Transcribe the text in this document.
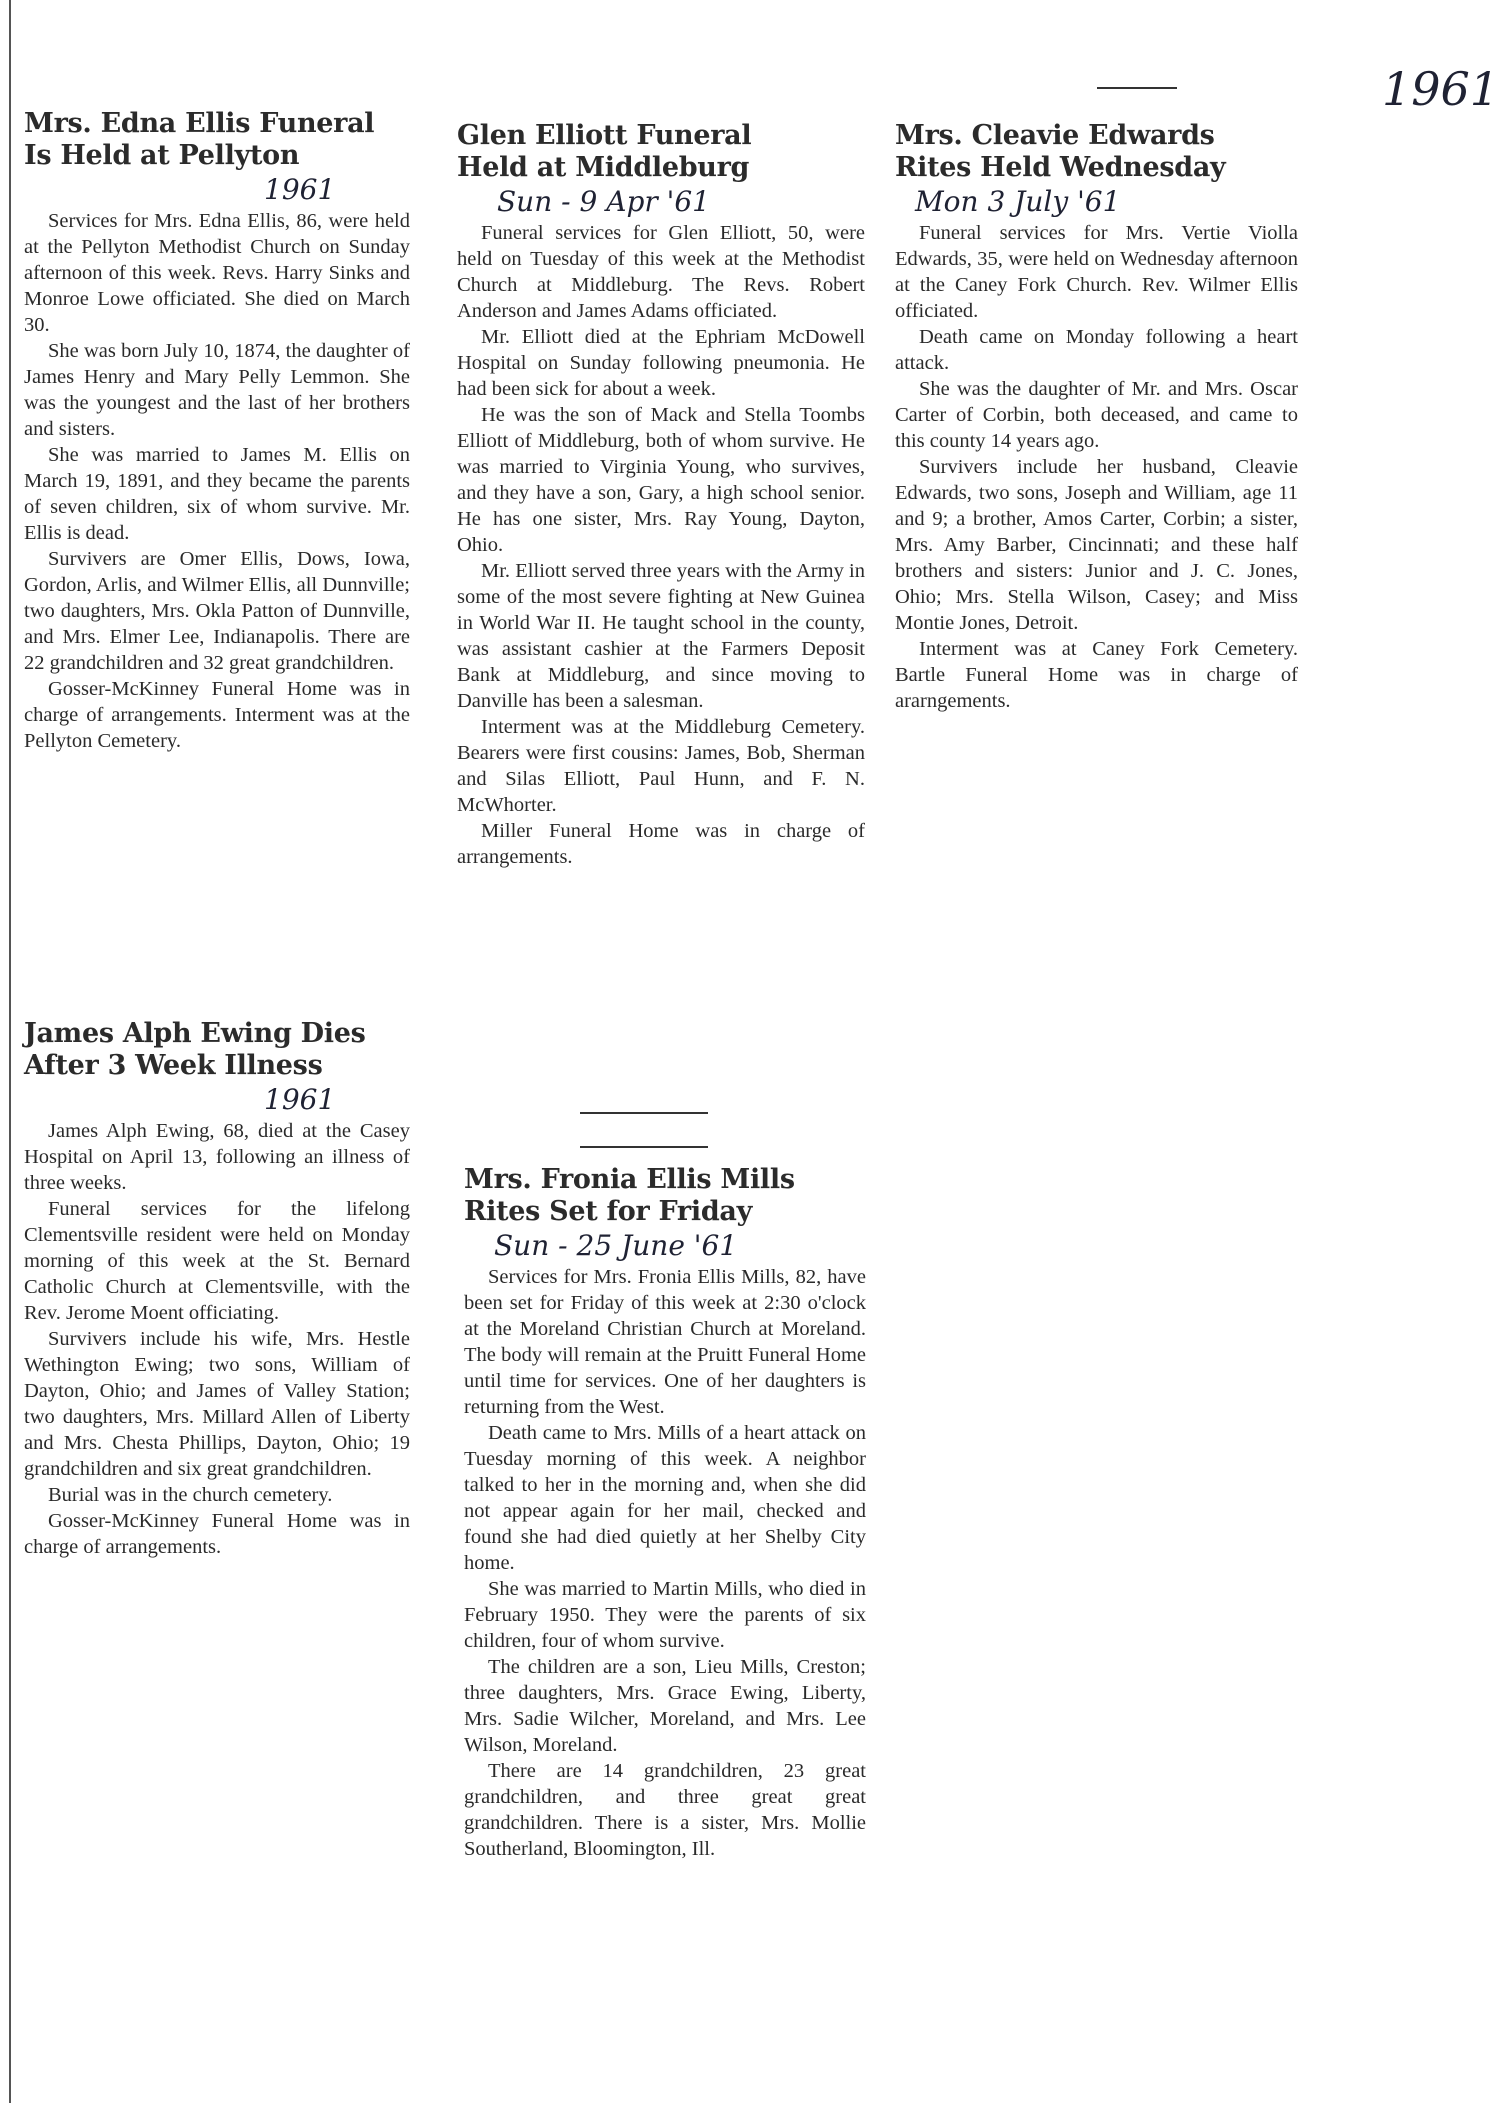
1961
Mrs. Edna Ellis Funeral
Is Held at Pellyton
1961

Services for Mrs. Edna Ellis, 86, were held at the Pellyton Methodist Church on Sunday afternoon of this week. Revs. Harry Sinks and Monroe Lowe officiated. She died on March 30.

She was born July 10, 1874, the daughter of James Henry and Mary Pelly Lemmon. She was the youngest and the last of her brothers and sisters.

She was married to James M. Ellis on March 19, 1891, and they became the parents of seven children, six of whom survive. Mr. Ellis is dead.

Survivers are Omer Ellis, Dows, Iowa, Gordon, Arlis, and Wilmer Ellis, all Dunnville; two daughters, Mrs. Okla Patton of Dunnville, and Mrs. Elmer Lee, Indianapolis. There are 22 grandchildren and 32 great grandchildren.

Gosser-McKinney Funeral Home was in charge of arrangements. Interment was at the Pellyton Cemetery.

James Alph Ewing Dies
After 3 Week Illness
1961

James Alph Ewing, 68, died at the Casey Hospital on April 13, following an illness of three weeks.

Funeral services for the lifelong Clementsville resident were held on Monday morning of this week at the St. Bernard Catholic Church at Clementsville, with the Rev. Jerome Moent officiating.

Survivers include his wife, Mrs. Hestle Wethington Ewing; two sons, William of Dayton, Ohio; and James of Valley Station; two daughters, Mrs. Millard Allen of Liberty and Mrs. Chesta Phillips, Dayton, Ohio; 19 grandchildren and six great grandchildren.

Burial was in the church cemetery.

Gosser-McKinney Funeral Home was in charge of arrangements.

Glen Elliott Funeral
Held at Middleburg
Sun - 9 Apr '61

Funeral services for Glen Elliott, 50, were held on Tuesday of this week at the Methodist Church at Middleburg. The Revs. Robert Anderson and James Adams officiated.

Mr. Elliott died at the Ephriam McDowell Hospital on Sunday following pneumonia. He had been sick for about a week.

He was the son of Mack and Stella Toombs Elliott of Middleburg, both of whom survive. He was married to Virginia Young, who survives, and they have a son, Gary, a high school senior. He has one sister, Mrs. Ray Young, Dayton, Ohio.

Mr. Elliott served three years with the Army in some of the most severe fighting at New Guinea in World War II. He taught school in the county, was assistant cashier at the Farmers Deposit Bank at Middleburg, and since moving to Danville has been a salesman.

Interment was at the Middleburg Cemetery. Bearers were first cousins: James, Bob, Sherman and Silas Elliott, Paul Hunn, and F. N. McWhorter.

Miller Funeral Home was in charge of arrangements.

Mrs. Fronia Ellis Mills
Rites Set for Friday
Sun - 25 June '61

Services for Mrs. Fronia Ellis Mills, 82, have been set for Friday of this week at 2:30 o'clock at the Moreland Christian Church at Moreland. The body will remain at the Pruitt Funeral Home until time for services. One of her daughters is returning from the West.

Death came to Mrs. Mills of a heart attack on Tuesday morning of this week. A neighbor talked to her in the morning and, when she did not appear again for her mail, checked and found she had died quietly at her Shelby City home.

She was married to Martin Mills, who died in February 1950. They were the parents of six children, four of whom survive.

The children are a son, Lieu Mills, Creston; three daughters, Mrs. Grace Ewing, Liberty, Mrs. Sadie Wilcher, Moreland, and Mrs. Lee Wilson, Moreland.

There are 14 grandchildren, 23 great grandchildren, and three great great grandchildren. There is a sister, Mrs. Mollie Southerland, Bloomington, Ill.

Mrs. Cleavie Edwards
Rites Held Wednesday
Mon 3 July '61

Funeral services for Mrs. Vertie Violla Edwards, 35, were held on Wednesday afternoon at the Caney Fork Church. Rev. Wilmer Ellis officiated.

Death came on Monday following a heart attack.

She was the daughter of Mr. and Mrs. Oscar Carter of Corbin, both deceased, and came to this county 14 years ago.

Survivers include her husband, Cleavie Edwards, two sons, Joseph and William, age 11 and 9; a brother, Amos Carter, Corbin; a sister, Mrs. Amy Barber, Cincinnati; and these half brothers and sisters: Junior and J. C. Jones, Ohio; Mrs. Stella Wilson, Casey; and Miss Montie Jones, Detroit.

Interment was at Caney Fork Cemetery. Bartle Funeral Home was in charge of ararngements.
